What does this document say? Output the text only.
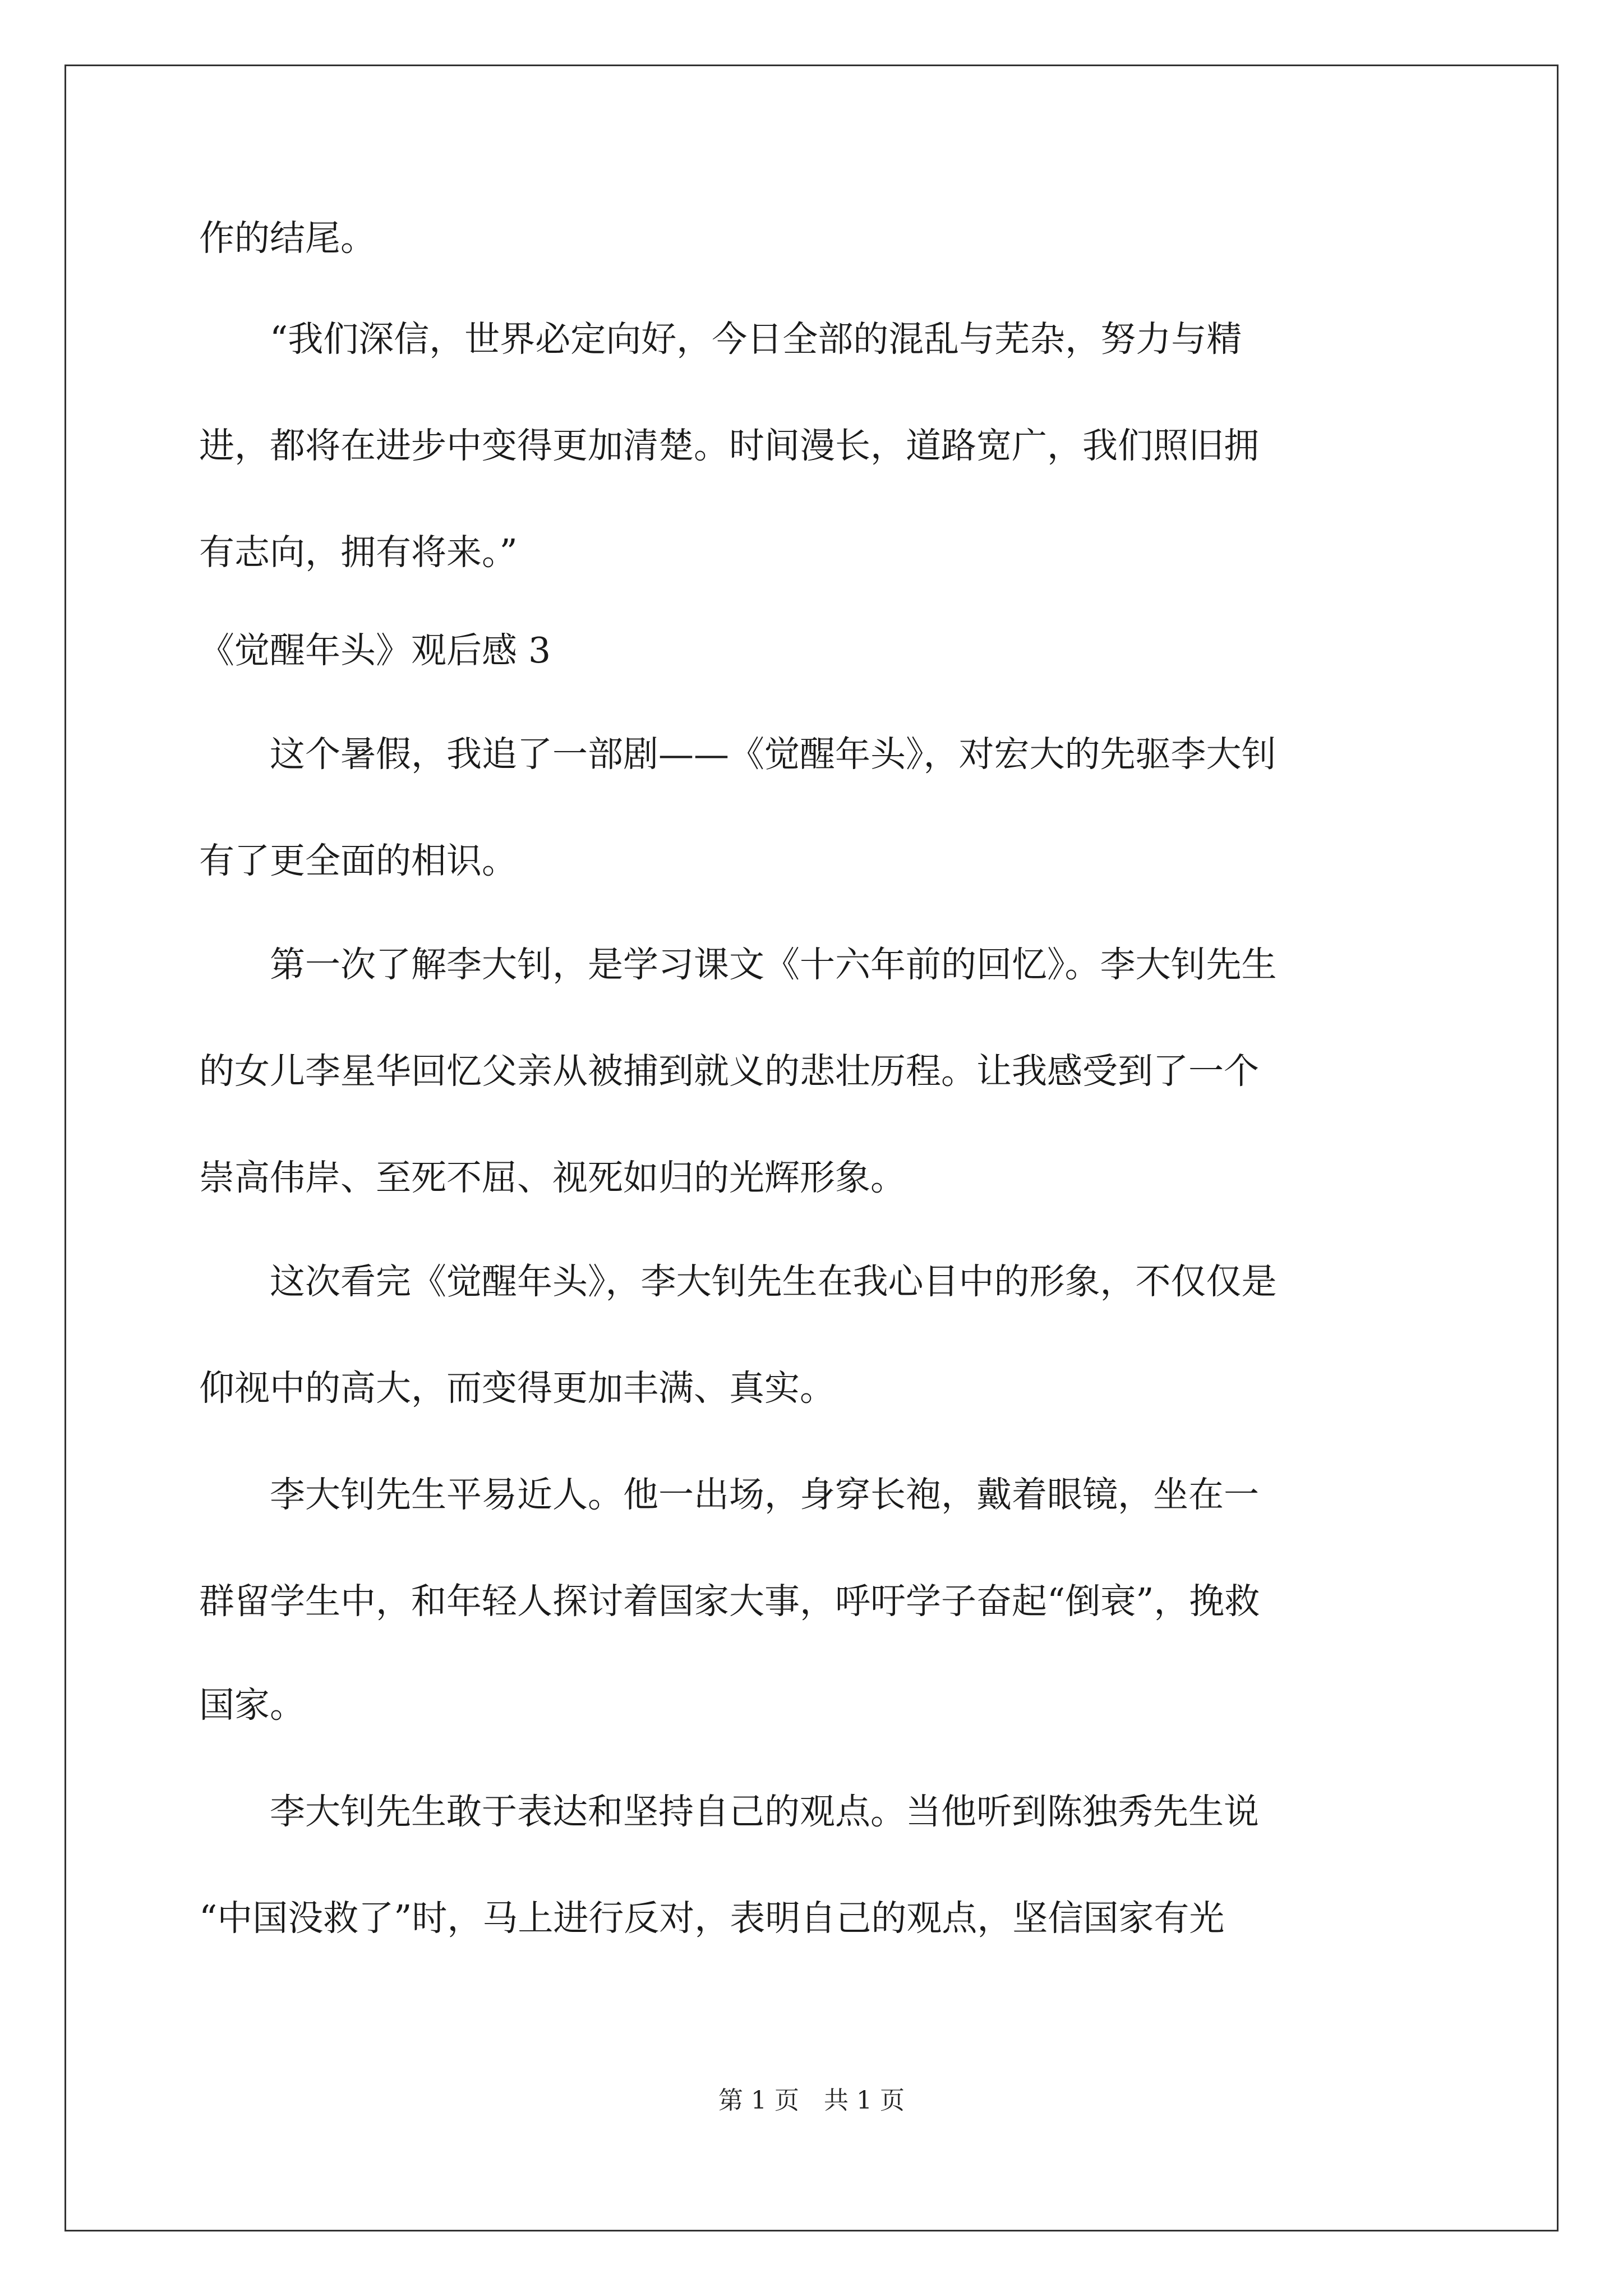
作的结尾。
　　“我们深信，世界必定向好，今日全部的混乱与芜杂，努力与精
进，都将在进步中变得更加清楚。时间漫长，道路宽广，我们照旧拥
有志向，拥有将来。”
《觉醒年头》观后感 3
　　这个暑假，我追了一部剧——《觉醒年头》，对宏大的先驱李大钊
有了更全面的相识。
　　第一次了解李大钊，是学习课文《十六年前的回忆》。李大钊先生
的女儿李星华回忆父亲从被捕到就义的悲壮历程。让我感受到了一个
崇高伟岸、至死不屈、视死如归的光辉形象。
　　这次看完《觉醒年头》，李大钊先生在我心目中的形象，不仅仅是
仰视中的高大，而变得更加丰满、真实。
　　李大钊先生平易近人。他一出场，身穿长袍，戴着眼镜，坐在一
群留学生中，和年轻人探讨着国家大事，呼吁学子奋起“倒衰”，挽救
国家。
　　李大钊先生敢于表达和坚持自己的观点。当他听到陈独秀先生说
“中国没救了”时，马上进行反对，表明自己的观点，坚信国家有光
第 1 页　共 1 页
